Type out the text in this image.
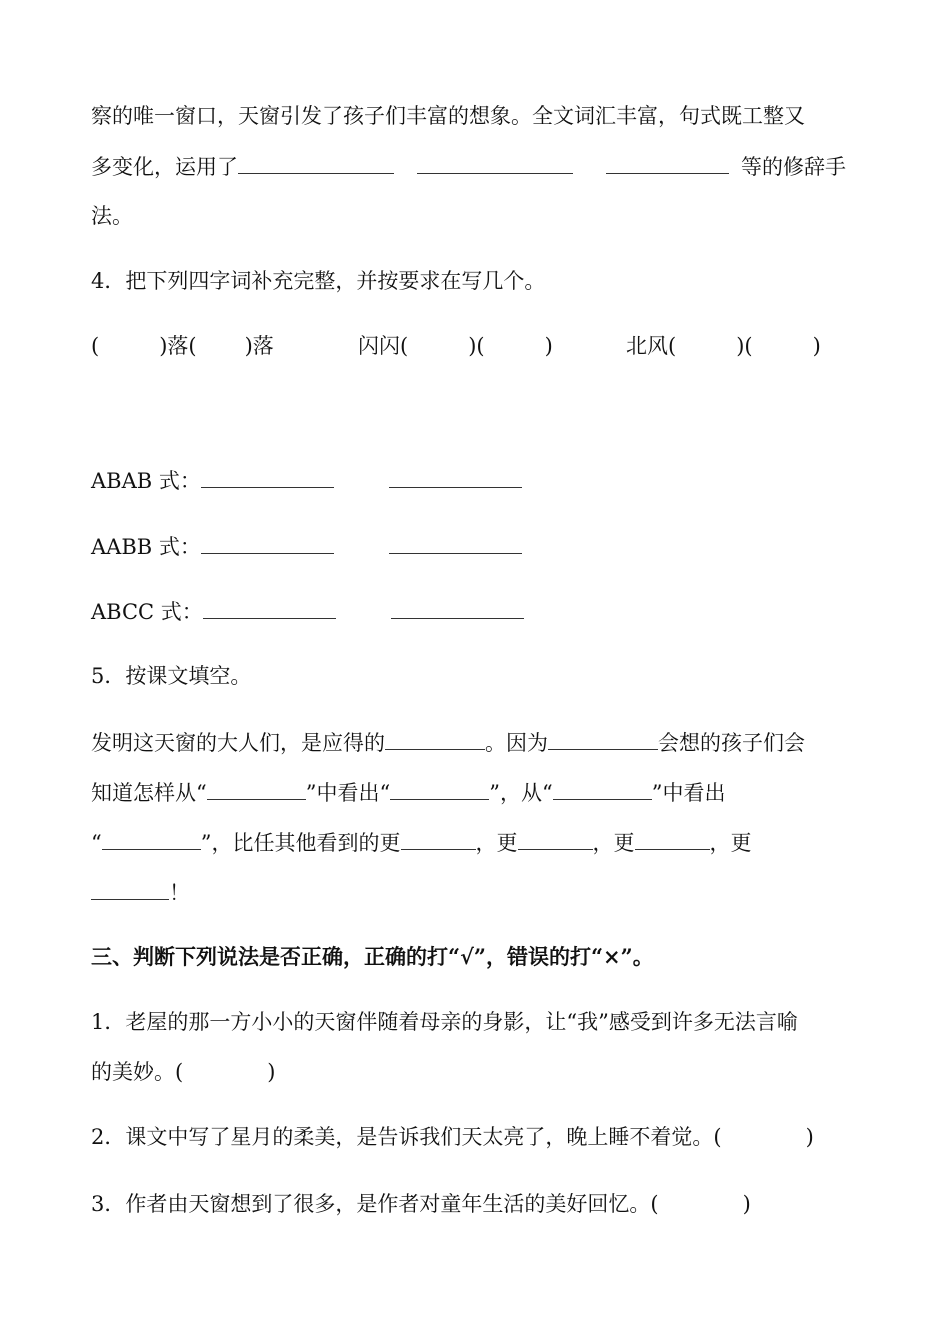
察的唯一窗口，天窗引发了孩子们丰富的想象。全文词汇丰富，句式既工整又
多变化，运用了	等的修辞手
法。
4．把下列四字词补充完整，并按要求在写几个。
(	)落( )落	闪闪(	)(	)	北风(	)(	)
ABAB 式：
AABB 式：
ABCC 式：
5．按课文填空。
发明这天窗的大人们，是应得的	。因为	会想的孩子们会
知道怎样从“	”中看出“	”，从“	”中看出
“	”，比任其他看到的更	，更	，更	，更
！
三、判断下列说法是否正确，正确的打“√”，错误的打“×”。
1．老屋的那一方小小的天窗伴随着母亲的身影，让“我”感受到许多无法言喻
的美妙。(	)
2．课文中写了星月的柔美，是告诉我们天太亮了，晚上睡不着觉。(	)
3．作者由天窗想到了很多，是作者对童年生活的美好回忆。(	)
